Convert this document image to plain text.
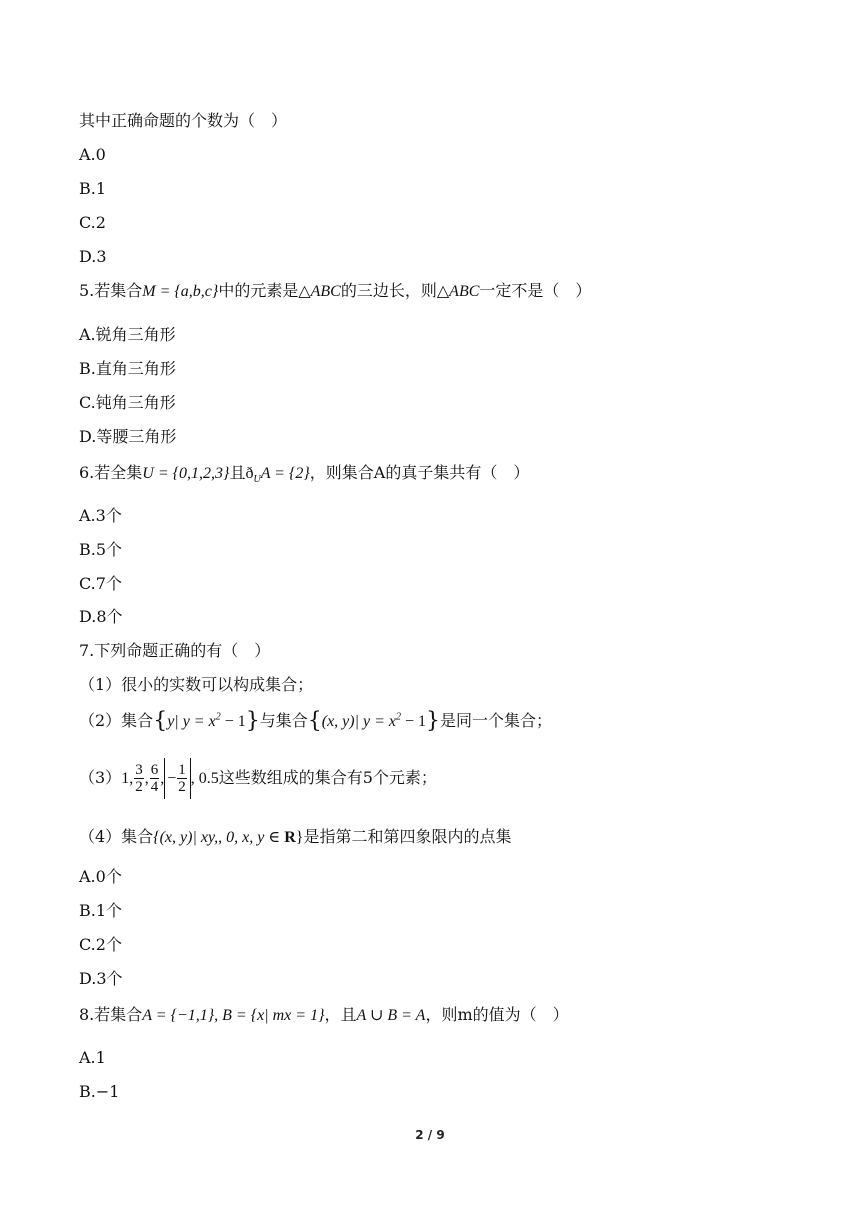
其中正确命题的个数为（　）
A.0
B.1
C.2
D.3
5.若集合M = {a,b,c}中的元素是△ABC的三边长，则△ABC一定不是（　）
A.锐角三角形
B.直角三角形
C.钝角三角形
D.等腰三角形
6.若全集U = {0,1,2,3}且$ð_UA = \{2\}$，则集合A的真子集共有（　）
A.3个
B.5个
C.7个
D.8个
7.下列命题正确的有（　）
（1）很小的实数可以构成集合；
（2）集合{y| $y = x^2 - 1$}与集合{(x, y)| $y = x^2 - 1$}是同一个集合；
（3）1, $\frac{3}{2}$ , $\frac{6}{4}$ , − $\frac{1}{2}$ , 0.5这些数组成的集合有5个元素；
（4）集合{(x, y)| xy,, 0, x, y ∈ R}是指第二和第四象限内的点集
A.0个
B.1个
C.2个
D.3个
8.若集合A = {−1,1}, B = {x| mx = 1}，且A ∪ B = A，则m的值为（　）
A.1
B.−1
2 / 9
